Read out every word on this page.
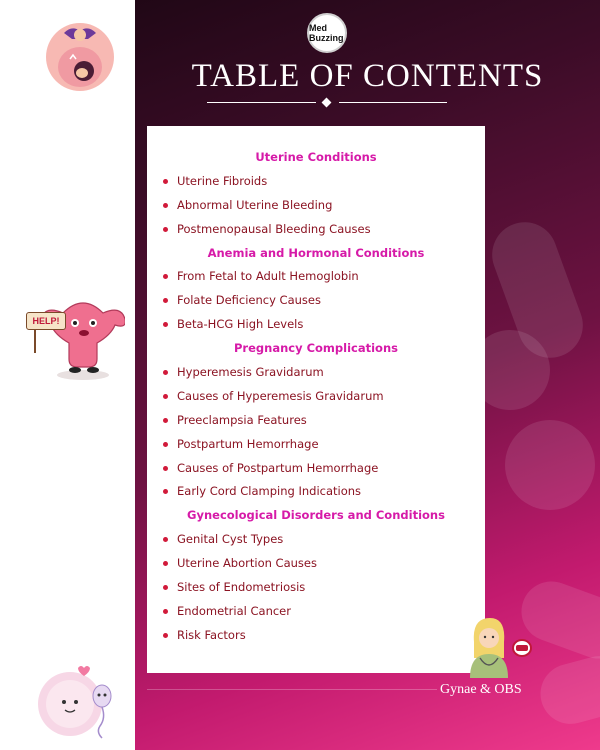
HELP!
Med Buzzing
TABLE OF CONTENTS
Uterine Conditions
Uterine Fibroids
Abnormal Uterine Bleeding
Postmenopausal Bleeding Causes
Anemia and Hormonal Conditions
From Fetal to Adult Hemoglobin
Folate Deficiency Causes
Beta-HCG High Levels
Pregnancy Complications
Hyperemesis Gravidarum
Causes of Hyperemesis Gravidarum
Preeclampsia Features
Postpartum Hemorrhage
Causes of Postpartum Hemorrhage
Early Cord Clamping Indications
Gynecological Disorders and Conditions
Genital Cyst Types
Uterine Abortion Causes
Sites of Endometriosis
Endometrial Cancer
Risk Factors
Gynae & OBS
